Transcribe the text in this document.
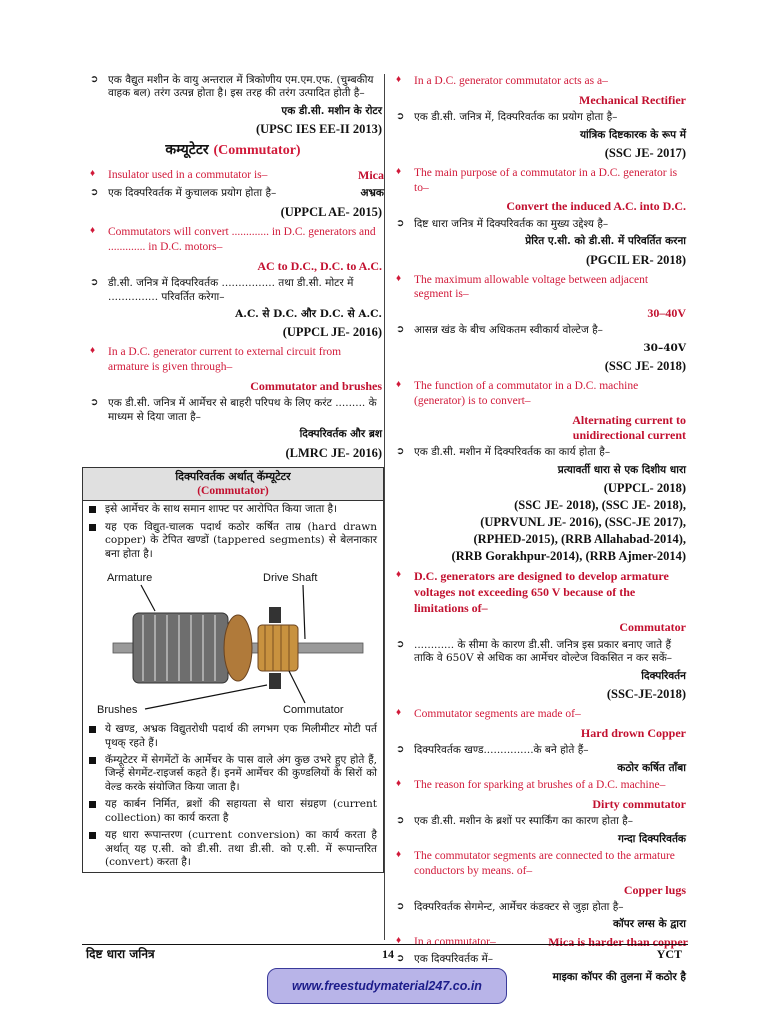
➲ एक वैद्युत मशीन के वायु अन्तराल में त्रिकोणीय एम.एम.एफ. (चुम्बकीय वाहक बल) तरंग उत्पन्न होता है। इस तरह की तरंग उत्पादित होती है–
एक डी.सी. मशीन के रोटर
(UPSC IES EE-II 2013)
कम्यूटेटर (Commutator)
♦	Mica
Insulator used in a commutator is–
➲	अभ्रक
एक दिक्परिवर्तक में कुचालक प्रयोग होता है–
(UPPCL AE- 2015)
♦ Commutators will convert ............. in D.C. generators and ............. in D.C. motors–
AC to D.C., D.C. to A.C.
➲ डी.सी. जनित्र में दिक्परिवर्तक ................ तथा डी.सी. मोटर में ............... परिवर्तित करेगा–
A.C. से D.C. और D.C. से A.C.
(UPPCL JE- 2016)
♦ In a D.C. generator current to external circuit from armature is given through–
Commutator and brushes
➲ एक डी.सी. जनित्र में आर्मेचर से बाहरी परिपथ के लिए करंट ......... के माध्यम से दिया जाता है–
दिक्परिवर्तक और ब्रश
(LMRC JE- 2016)
दिक्परिवर्तक अर्थात् कॅम्यूटेटर
(Commutator)
इसे आर्मेचर के साथ समान शाफ्ट पर आरोपित किया जाता है।
यह एक विद्युत-चालक पदार्थ कठोर कर्षित ताम्र (hard drawn copper) के टेपित खण्डों (tappered segments) से बेलनाकार बना होता है।
Armature	Drive Shaft
Brushes	Commutator
ये खण्ड, अभ्रक विद्युतरोधी पदार्थ की लगभग एक मिलीमीटर मोटी पर्त पृथक् रहते हैं।
कॅम्यूटेटर में सेगमेंटों के आर्मेचर के पास वाले अंग कुछ उभरे हुए होते हैं, जिन्हें सेगमेंट-राइजर्स कहते हैं। इनमें आर्मेचर की कुण्डलियों के सिरों को वेल्ड करके संयोजित किया जाता है।
यह कार्बन निर्मित, ब्रशों की सहायता से धारा संग्रहण (current collection) का कार्य करता है
यह धारा रूपान्तरण (current conversion) का कार्य करता है अर्थात् यह ए.सी. को डी.सी. तथा डी.सी. को ए.सी. में रूपान्तरित (convert) करता है।
♦ In a D.C. generator commutator acts as a–
Mechanical Rectifier
➲ एक डी.सी. जनित्र में, दिक्परिवर्तक का प्रयोग होता है–
यांत्रिक दिष्टकारक के रूप में
(SSC JE- 2017)
♦ The main purpose of a commutator in a D.C. generator is to–
Convert the induced A.C. into D.C.
➲ दिष्ट धारा जनित्र में दिक्परिवर्तक का मुख्य उद्देश्य है–
प्रेरित ए.सी. को डी.सी. में परिवर्तित करना
(PGCIL ER- 2018)
♦ The maximum allowable voltage between adjacent segment is–
30–40V
➲ आसन्न खंड के बीच अधिकतम स्वीकार्य वोल्टेज है–
30–40V
(SSC JE- 2018)
♦ The function of a commutator in a D.C. machine (generator) is to convert–
Alternating current to
unidirectional current
➲ एक डी.सी. मशीन में दिक्परिवर्तक का कार्य होता है–
प्रत्यावर्ती धारा से एक दिशीय धारा
(UPPCL- 2018)
(SSC JE- 2018), (SSC JE- 2018),
(UPRVUNL JE- 2016), (SSC-JE 2017),
(RPHED-2015), (RRB Allahabad-2014),
(RRB Gorakhpur-2014), (RRB Ajmer-2014)
♦ D.C. generators are designed to develop armature voltages not exceeding 650 V because of the limitations of–
Commutator
➲ ............ के सीमा के कारण डी.सी. जनित्र इस प्रकार बनाए जाते हैं ताकि वे 650V से अधिक का आर्मेचर वोल्टेज विकसित न कर सकें–
दिक्परिवर्तन
(SSC-JE-2018)
♦ Commutator segments are made of–
Hard drown Copper
➲ दिक्परिवर्तक खण्ड...............के बने होते हैं–
कठोर कर्षित ताँबा
♦ The reason for sparking at brushes of a D.C. machine–
Dirty commutator
➲ एक डी.सी. मशीन के ब्रशों पर स्पार्किंग का कारण होता है–
गन्दा दिक्परिवर्तक
♦ The commutator segments are connected to the armature conductors by means. of–
Copper lugs
➲ दिक्परिवर्तक सेगमेन्ट, आर्मेचर कंडक्टर से जुड़ा होता है–
कॉपर लग्स के द्वारा
♦	Mica is harder than copper
In a commutator–
➲ एक दिक्परिवर्तक में–
माइका कॉपर की तुलना में कठोर है
दिष्ट धारा जनित्र	14	YCT
www.freestudymaterial247.co.in
